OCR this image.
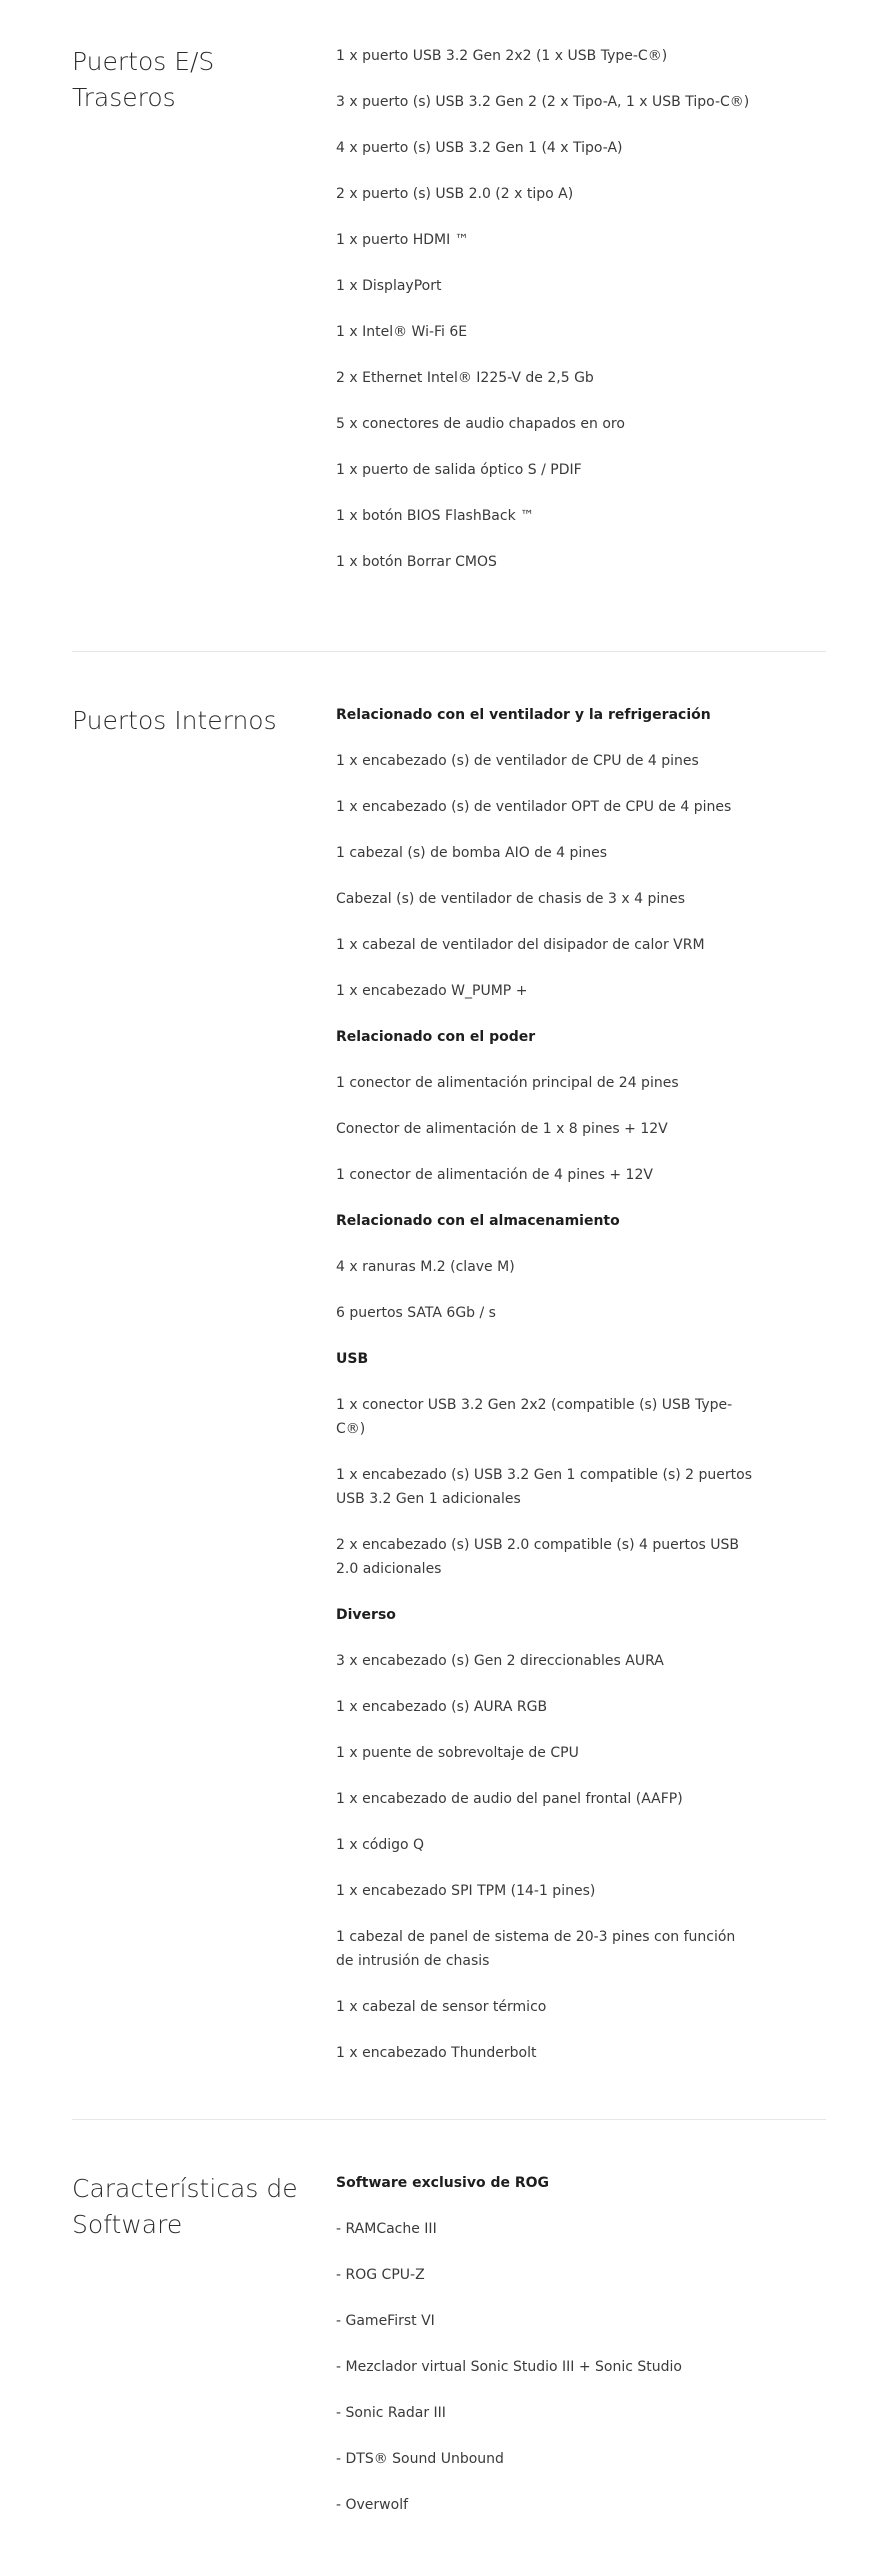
Puertos E/S Traseros
1 x puerto USB 3.2 Gen 2x2 (1 x USB Type-C®)
3 x puerto (s) USB 3.2 Gen 2 (2 x Tipo-A, 1 x USB Tipo-C®)
4 x puerto (s) USB 3.2 Gen 1 (4 x Tipo-A)
2 x puerto (s) USB 2.0 (2 x tipo A)
1 x puerto HDMI ™
1 x DisplayPort
1 x Intel® Wi-Fi 6E
2 x Ethernet Intel® I225-V de 2,5 Gb
5 x conectores de audio chapados en oro
1 x puerto de salida óptico S / PDIF
1 x botón BIOS FlashBack ™
1 x botón Borrar CMOS
Puertos Internos	Relacionado con el ventilador y la refrigeración
1 x encabezado (s) de ventilador de CPU de 4 pines
1 x encabezado (s) de ventilador OPT de CPU de 4 pines
1 cabezal (s) de bomba AIO de 4 pines
Cabezal (s) de ventilador de chasis de 3 x 4 pines
1 x cabezal de ventilador del disipador de calor VRM
1 x encabezado W_PUMP +
Relacionado con el poder
1 conector de alimentación principal de 24 pines
Conector de alimentación de 1 x 8 pines + 12V
1 conector de alimentación de 4 pines + 12V
Relacionado con el almacenamiento
4 x ranuras M.2 (clave M)
6 puertos SATA 6Gb / s
USB
1 x conector USB 3.2 Gen 2x2 (compatible (s) USB Type-C®)
1 x encabezado (s) USB 3.2 Gen 1 compatible (s) 2 puertos USB 3.2 Gen 1 adicionales
2 x encabezado (s) USB 2.0 compatible (s) 4 puertos USB 2.0 adicionales
Diverso
3 x encabezado (s) Gen 2 direccionables AURA
1 x encabezado (s) AURA RGB
1 x puente de sobrevoltaje de CPU
1 x encabezado de audio del panel frontal (AAFP)
1 x código Q
1 x encabezado SPI TPM (14-1 pines)
1 cabezal de panel de sistema de 20-3 pines con función de intrusión de chasis
1 x cabezal de sensor térmico
1 x encabezado Thunderbolt
Características de Software
Software exclusivo de ROG
- RAMCache III
- ROG CPU-Z
- GameFirst VI
- Mezclador virtual Sonic Studio III + Sonic Studio
- Sonic Radar III
- DTS® Sound Unbound
- Overwolf
